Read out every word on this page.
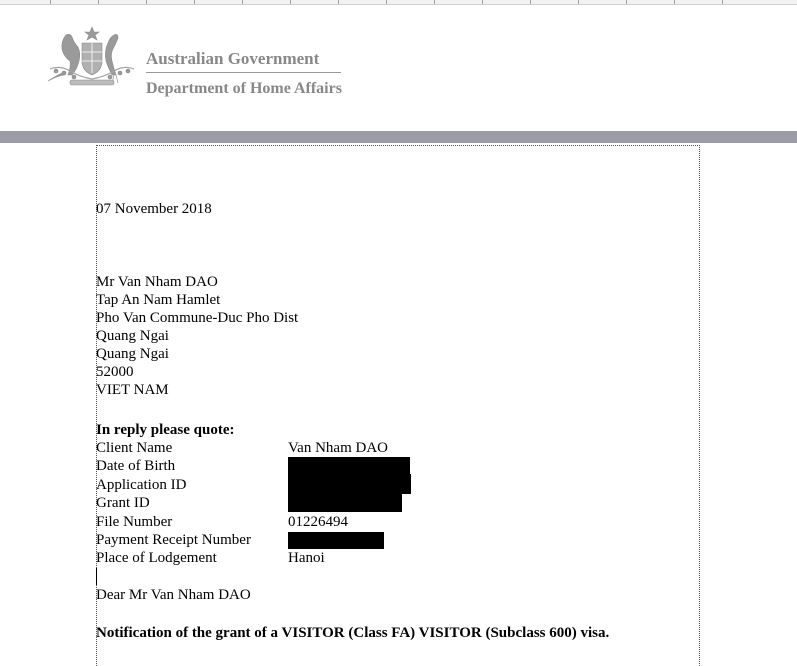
Australian Government
Department of Home Affairs
07 November 2018
Mr Van Nham DAO
Tap An Nam Hamlet
Pho Van Commune-Duc Pho Dist
Quang Ngai
Quang Ngai
52000
VIET NAM
In reply please quote:
Client Name	Van Nham DAO
Date of Birth
Application ID
Grant ID
File Number	01226494
Payment Receipt Number
Place of Lodgement	Hanoi
Dear Mr Van Nham DAO
Notification of the grant of a VISITOR (Class FA) VISITOR (Subclass 600) visa.
